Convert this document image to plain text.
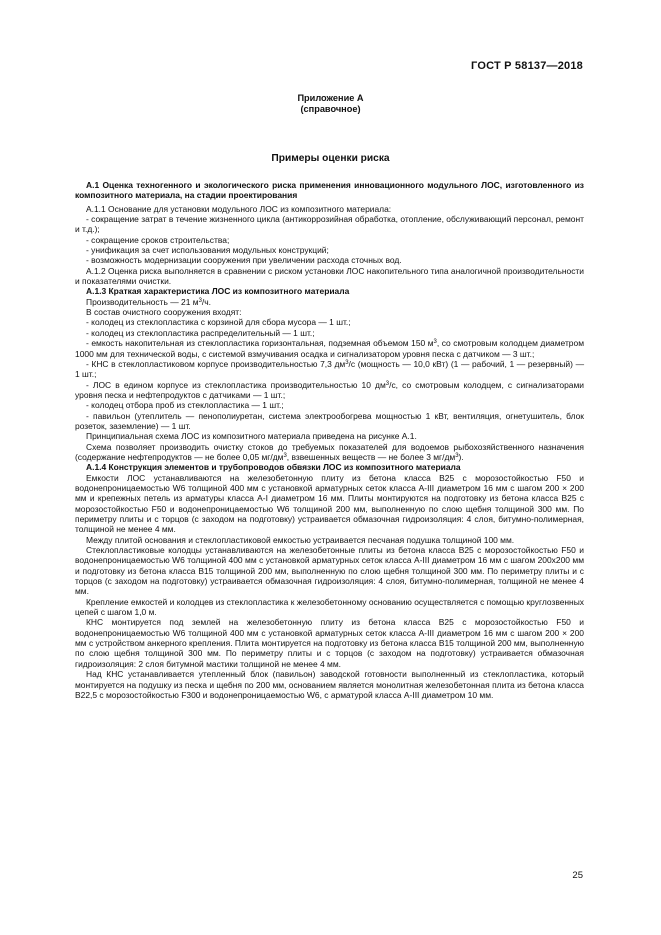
ГОСТ Р 58137—2018
Приложение А
(справочное)
Примеры оценки риска

А.1 Оценка техногенного и экологического риска применения инновационного модульного ЛОС, изготовленного из композитного материала, на стадии проектирования

А.1.1 Основание для установки модульного ЛОС из композитного материала:

- сокращение затрат в течение жизненного цикла (антикоррозийная обработка, отопление, обслуживающий персонал, ремонт и т.д.);

- сокращение сроков строительства;

- унификация за счет использования модульных конструкций;

- возможность модернизации сооружения при увеличении расхода сточных вод.

А.1.2 Оценка риска выполняется в сравнении с риском установки ЛОС накопительного типа аналогичной производительности и показателями очистки.

А.1.3 Краткая характеристика ЛОС из композитного материала

Производительность — 21 $м^3/ч$.

В состав очистного сооружения входят:

- колодец из стеклопластика с корзиной для сбора мусора — 1 шт.;

- колодец из стеклопластика распределительный — 1 шт.;

- емкость накопительная из стеклопластика горизонтальная, подземная объемом 150 $м^3$, со смотровым колодцем диаметром 1000 мм для технической воды, с системой взмучивания осадка и сигнализатором уровня песка с датчиком — 3 шт.;

- КНС в стеклопластиковом корпусе производительностью 7,3 $дм^3/с$ (мощность — 10,0 кВт) (1 — рабочий, 1 — резервный) — 1 шт.;

- ЛОС в едином корпусе из стеклопластика производительностью 10 $дм^3/с$, со смотровым колодцем, с сигнализаторами уровня песка и нефтепродуктов с датчиками — 1 шт.;

- колодец отбора проб из стеклопластика — 1 шт.;

- павильон (утеплитель — пенополиуретан, система электрообогрева мощностью 1 кВт, вентиляция, огнетушитель, блок розеток, заземление) — 1 шт.

Принципиальная схема ЛОС из композитного материала приведена на рисунке А.1.

Схема позволяет производить очистку стоков до требуемых показателей для водоемов рыбохозяйственного назначения (содержание нефтепродуктов — не более 0,05 $мг/дм^3$, взвешенных веществ — не более 3 $мг/дм^3$).

А.1.4 Конструкция элементов и трубопроводов обвязки ЛОС из композитного материала

Емкости ЛОС устанавливаются на железобетонную плиту из бетона класса В25 с морозостойкостью F50 и водонепроницаемостью W6 толщиной 400 мм с установкой арматурных сеток класса А-III диаметром 16 мм с шагом 200 × 200 мм и крепежных петель из арматуры класса А-I диаметром 16 мм. Плиты монтируются на подготовку из бетона класса В25 с морозостойкостью F50 и водонепроницаемостью W6 толщиной 200 мм, выполненную по слою щебня толщиной 300 мм. По периметру плиты и с торцов (с заходом на подготовку) устраивается обмазочная гидроизоляция: 4 слоя, битумно-полимерная, толщиной не менее 4 мм.

Между плитой основания и стеклопластиковой емкостью устраивается песчаная подушка толщиной 100 мм.

Стеклопластиковые колодцы устанавливаются на железобетонные плиты из бетона класса В25 с морозостойкостью F50 и водонепроницаемостью W6 толщиной 400 мм с установкой арматурных сеток класса А-III диаметром 16 мм с шагом 200х200 мм и подготовку из бетона класса В15 толщиной 200 мм, выполненную по слою щебня толщиной 300 мм. По периметру плиты и с торцов (с заходом на подготовку) устраивается обмазочная гидроизоляция: 4 слоя, битумно-полимерная, толщиной не менее 4 мм.

Крепление емкостей и колодцев из стеклопластика к железобетонному основанию осуществляется с помощью круглозвенных цепей с шагом 1,0 м.

КНС монтируется под землей на железобетонную плиту из бетона класса В25 с морозостойкостью F50 и водонепроницаемостью W6 толщиной 400 мм с установкой арматурных сеток класса А-III диаметром 16 мм с шагом 200 × 200 мм с устройством анкерного крепления. Плита монтируется на подготовку из бетона класса В15 толщиной 200 мм, выполненную по слою щебня толщиной 300 мм. По периметру плиты и с торцов (с заходом на подготовку) устраивается обмазочная гидроизоляция: 2 слоя битумной мастики толщиной не менее 4 мм.

Над КНС устанавливается утепленный блок (павильон) заводской готовности выполненный из стеклопластика, который монтируется на подушку из песка и щебня по 200 мм, основанием является монолитная железобетонная плита из бетона класса В22,5 с морозостойкостью F300 и водонепроницаемостью W6, с арматурой класса А-III диаметром 10 мм.

25
